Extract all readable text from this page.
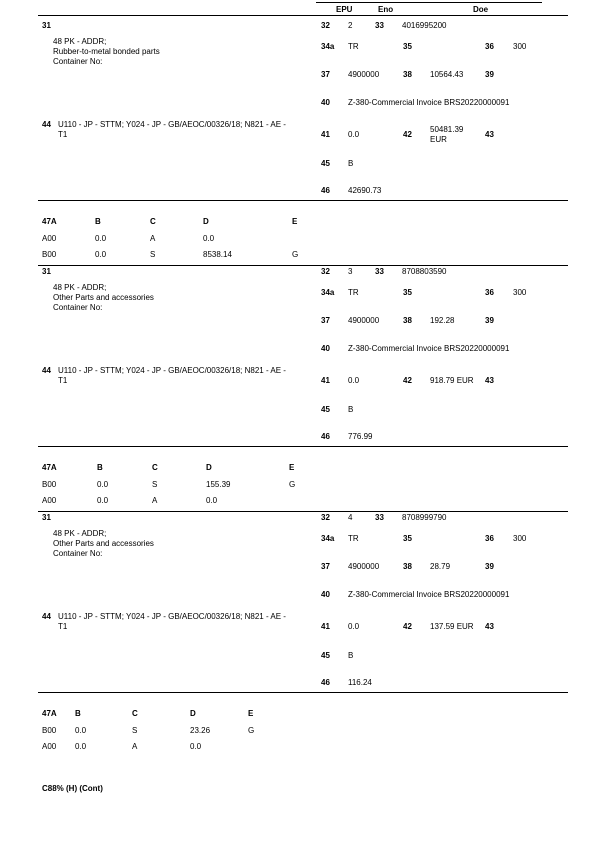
EPU	Eno	Doe
31
48 PK - ADDR;
Rubber-to-metal bonded parts
Container No:
44 U110 - JP - STTM; Y024 - JP - GB/AEOC/00326/18; N821 - AE -
T1
32 2	33 4016995200
34a TR	35	36 300
37 4900000	38 10564.43	39
40 Z-380-Commercial Invoice BRS20220000091
41 0.0	42
50481.39
EUR
43
45 B
46 42690.73
47A	B	C	D	E
A00	0.0	A	0.0
B00	0.0	S	8538.14	G
31
48 PK - ADDR;
Other Parts and accessories
Container No:
44 U110 - JP - STTM; Y024 - JP - GB/AEOC/00326/18; N821 - AE -
T1
32 3	33 8708803590
34a TR	35	36 300
37 4900000	38 192.28	39
40 Z-380-Commercial Invoice BRS20220000091
41 0.0	42 918.79 EUR 43
45 B
46 776.99
47A	B	C	D	E
B00	0.0	S	155.39	G
A00	0.0	A	0.0
31
48 PK - ADDR;
Other Parts and accessories
Container No:
44 U110 - JP - STTM; Y024 - JP - GB/AEOC/00326/18; N821 - AE -
T1
32 4	33 8708999790
34a TR	35	36 300
37 4900000	38 28.79	39
40 Z-380-Commercial Invoice BRS20220000091
41 0.0	42 137.59 EUR 43
45 B
46 116.24
47A B	C	D	E
B00 0.0	S	23.26	G
A00 0.0	A	0.0
C88% (H) (Cont)
